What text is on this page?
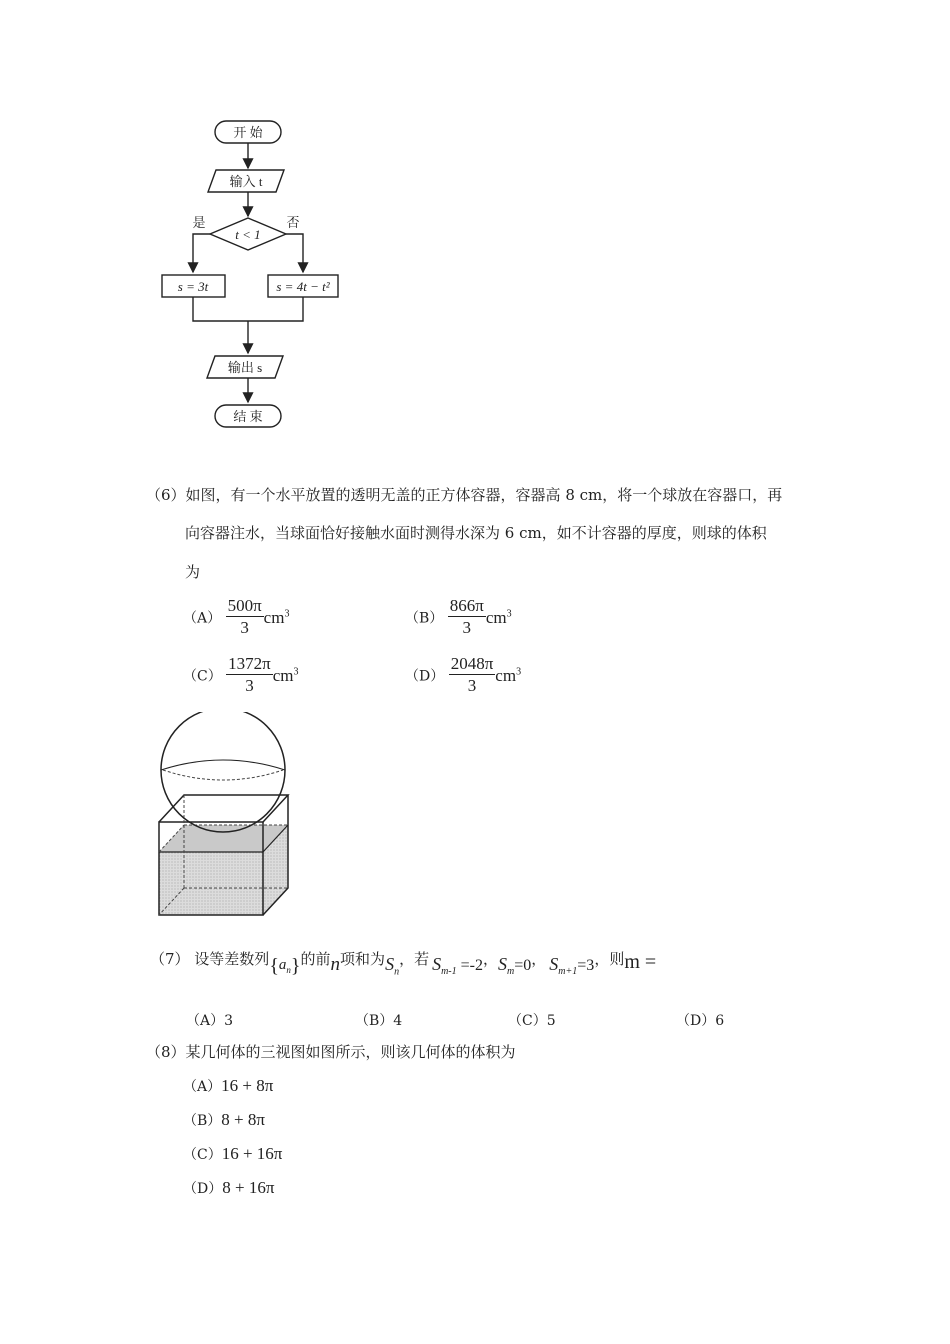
开 始
输入 t
t < 1
是	否
s = 3t	s = 4t − t²
输出 s
结 束
（6）如图，有一个水平放置的透明无盖的正方体容器，容器高 8 cm，将一个球放在容器口，再
向容器注水，当球面恰好接触水面时测得水深为 6 cm，如不计容器的厚度，则球的体积
为
$(A) \frac{500\pi}{3} cm^3$	$(B) \frac{866\pi}{3} cm^3$
$(C) \frac{1372\pi}{3} cm^3$	$(D) \frac{2048\pi}{3} cm^3$
（7） 设等差数列$\{a_n\}$的前n项和为$S_n$，若 $S_{m-1} =-2$，$S_m=0$， $S_{m+1}=3$，则m =
（A）3	（B）4	（C）5	（D）6
（8）某几何体的三视图如图所示，则该几何体的体积为
（A）16 + 8π
（B）8 + 8π
（C）16 + 16π
（D）8 + 16π
